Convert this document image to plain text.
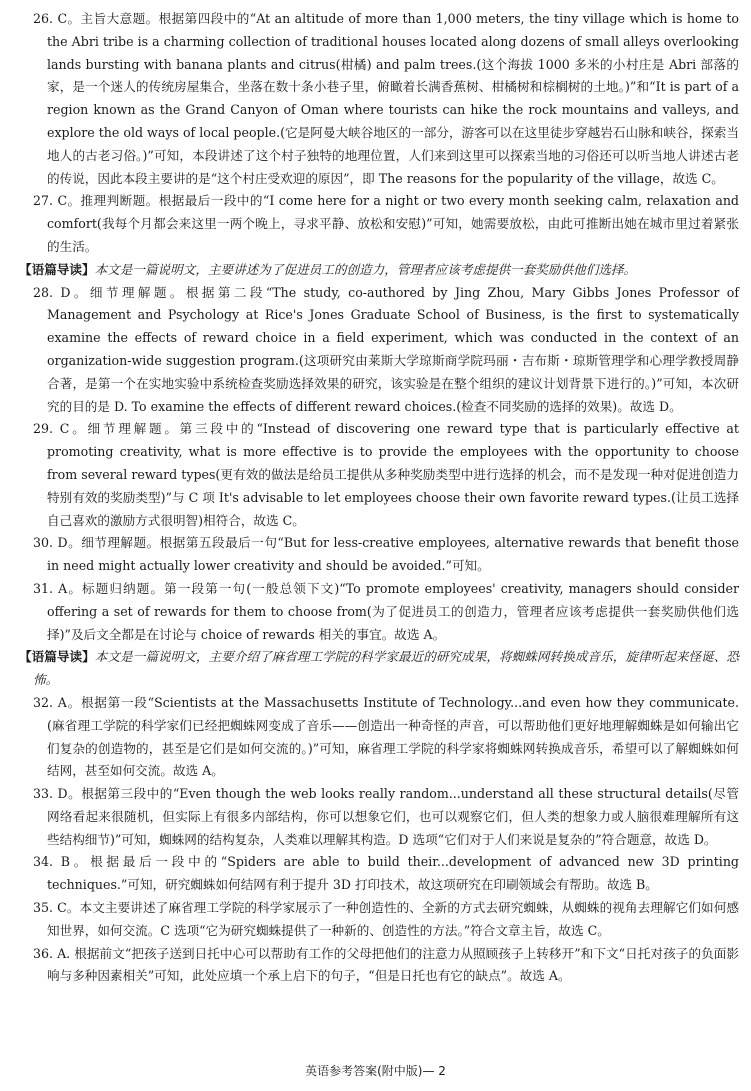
26. C。主旨大意题。根据第四段中的“At an altitude of more than 1,000 meters, the tiny village which is home to the Abri tribe is a charming collection of traditional houses located along dozens of small alleys overlooking lands bursting with banana plants and citrus(柑橘) and palm trees.(这个海拔 1000 多米的小村庄是 Abri 部落的家，是一个迷人的传统房屋集合，坐落在数十条小巷子里，俯瞰着长满香蕉树、柑橘树和棕榈树的土地。)”和“It is part of a region known as the Grand Canyon of Oman where tourists can hike the rock mountains and valleys, and explore the old ways of local people.(它是阿曼大峡谷地区的一部分，游客可以在这里徒步穿越岩石山脉和峡谷，探索当地人的古老习俗。)”可知，本段讲述了这个村子独特的地理位置，人们来到这里可以探索当地的习俗还可以听当地人讲述古老的传说，因此本段主要讲的是“这个村庄受欢迎的原因”，即 The reasons for the popularity of the village，故选 C。

27. C。推理判断题。根据最后一段中的“I come here for a night or two every month seeking calm, relaxation and comfort(我每个月都会来这里一两个晚上，寻求平静、放松和安慰)”可知，她需要放松，由此可推断出她在城市里过着紧张的生活。

【语篇导读】本文是一篇说明文，主要讲述为了促进员工的创造力，管理者应该考虑提供一套奖励供他们选择。

28. D。细节理解题。根据第二段“The study, co-authored by Jing Zhou, Mary Gibbs Jones Professor of Management and Psychology at Rice's Jones Graduate School of Business, is the first to systematically examine the effects of reward choice in a field experiment, which was conducted in the context of an organization-wide suggestion program.(这项研究由莱斯大学琼斯商学院玛丽・吉布斯・琼斯管理学和心理学教授周静合著，是第一个在实地实验中系统检查奖励选择效果的研究，该实验是在整个组织的建议计划背景下进行的。)”可知，本次研究的目的是 D. To examine the effects of different reward choices.(检查不同奖励的选择的效果)。故选 D。

29. C。细节理解题。第三段中的“Instead of discovering one reward type that is particularly effective at promoting creativity, what is more effective is to provide the employees with the opportunity to choose from several reward types(更有效的做法是给员工提供从多种奖励类型中进行选择的机会，而不是发现一种对促进创造力特别有效的奖励类型)”与 C 项 It's advisable to let employees choose their own favorite reward types.(让员工选择自己喜欢的激励方式很明智)相符合，故选 C。

30. D。细节理解题。根据第五段最后一句“But for less-creative employees, alternative rewards that benefit those in need might actually lower creativity and should be avoided.”可知。

31. A。标题归纳题。第一段第一句(一般总领下文)“To promote employees' creativity, managers should consider offering a set of rewards for them to choose from(为了促进员工的创造力，管理者应该考虑提供一套奖励供他们选择)”及后文全都是在讨论与 choice of rewards 相关的事宜。故选 A。

【语篇导读】本文是一篇说明文，主要介绍了麻省理工学院的科学家最近的研究成果，将蜘蛛网转换成音乐，旋律听起来怪诞、恐怖。

32. A。根据第一段“Scientists at the Massachusetts Institute of Technology...and even how they communicate.(麻省理工学院的科学家们已经把蜘蛛网变成了音乐——创造出一种奇怪的声音，可以帮助他们更好地理解蜘蛛是如何输出它们复杂的创造物的，甚至是它们是如何交流的。)”可知，麻省理工学院的科学家将蜘蛛网转换成音乐，希望可以了解蜘蛛如何结网，甚至如何交流。故选 A。

33. D。根据第三段中的“Even though the web looks really random...understand all these structural details(尽管网络看起来很随机，但实际上有很多内部结构，你可以想象它们，也可以观察它们，但人类的想象力或人脑很难理解所有这些结构细节)”可知，蜘蛛网的结构复杂，人类难以理解其构造。D 选项“它们对于人们来说是复杂的”符合题意，故选 D。

34. B。根据最后一段中的“Spiders are able to build their...development of advanced new 3D printing techniques.”可知，研究蜘蛛如何结网有利于提升 3D 打印技术，故这项研究在印刷领域会有帮助。故选 B。

35. C。本文主要讲述了麻省理工学院的科学家展示了一种创造性的、全新的方式去研究蜘蛛，从蜘蛛的视角去理解它们如何感知世界，如何交流。C 选项“它为研究蜘蛛提供了一种新的、创造性的方法。”符合文章主旨，故选 C。

36. A. 根据前文“把孩子送到日托中心可以帮助有工作的父母把他们的注意力从照顾孩子上转移开”和下文“日托对孩子的负面影响与多种因素相关”可知，此处应填一个承上启下的句子，“但是日托也有它的缺点”。故选 A。

英语参考答案(附中版)— 2
